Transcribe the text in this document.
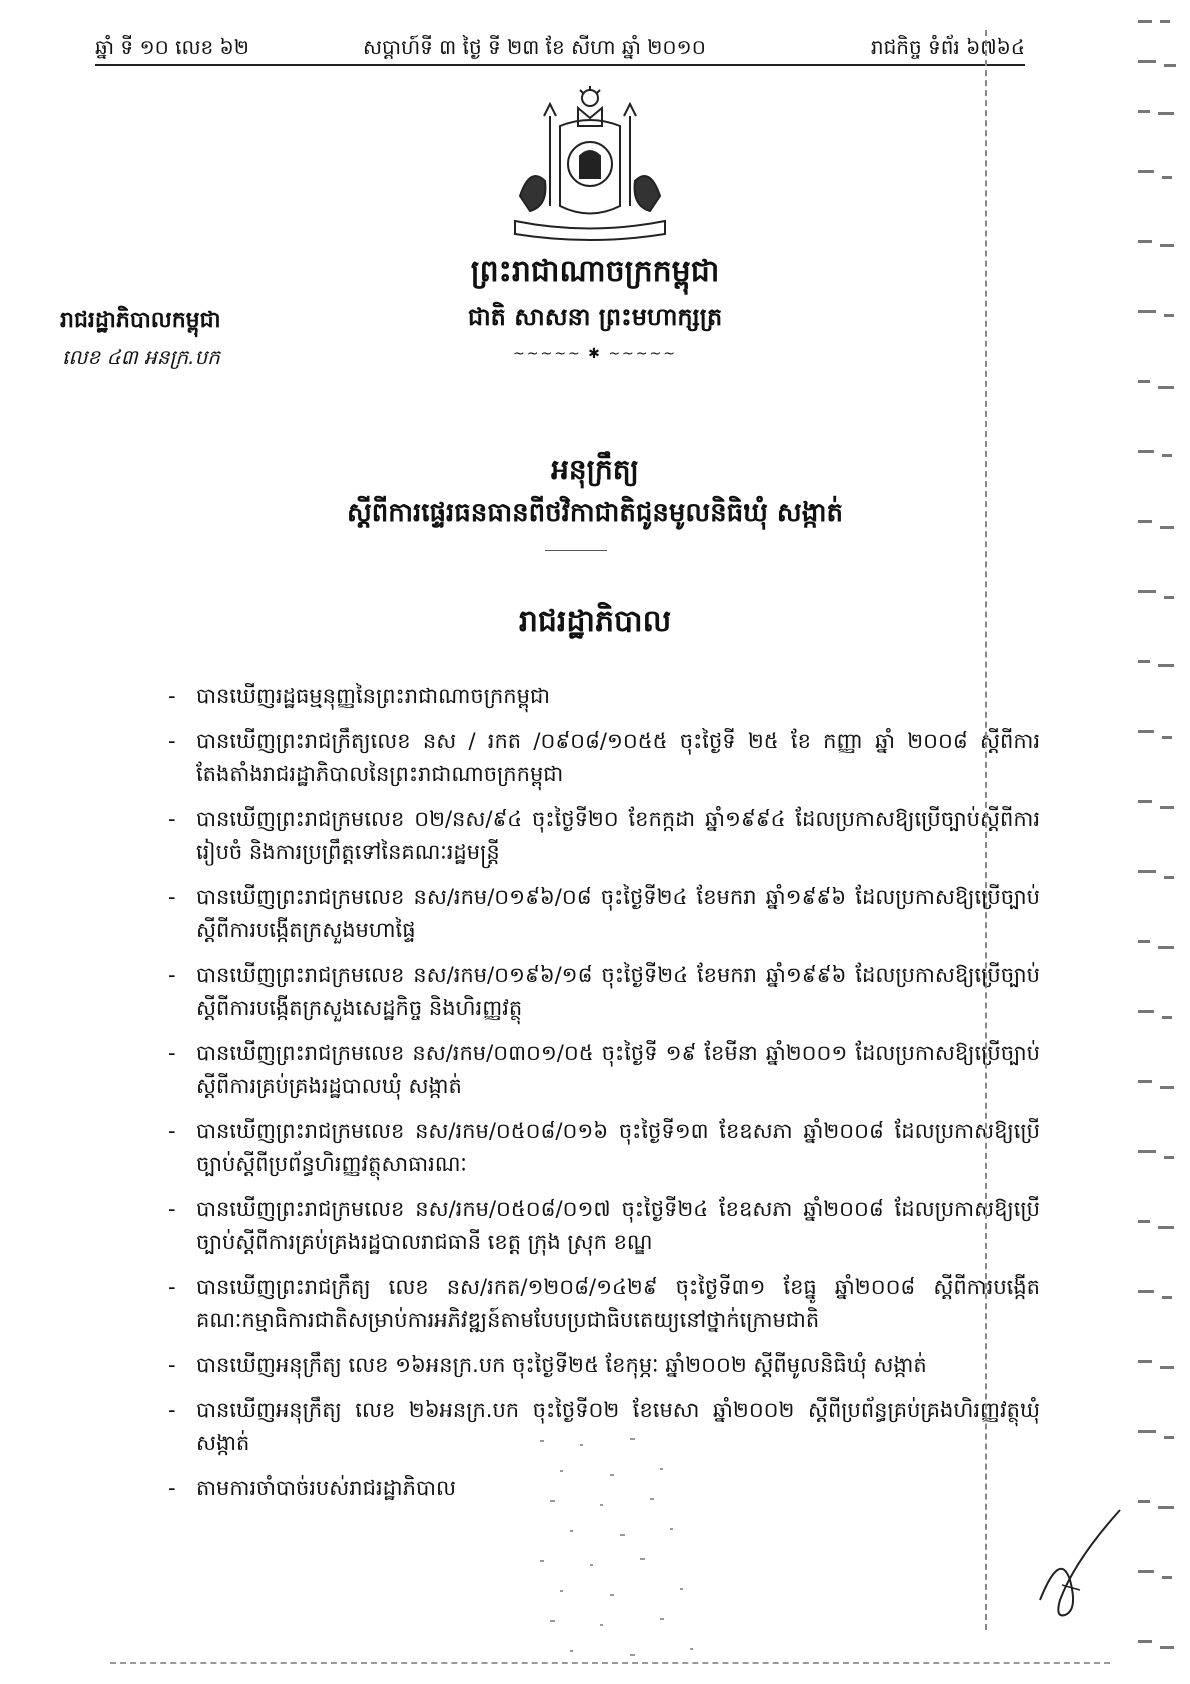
ឆ្នាំ ទី ១០ លេខ ៦២	សប្តាហ៍ទី ៣ ថ្ងៃ ទី ២៣ ខែ សីហា ឆ្នាំ ២០១០	រាជកិច្ច ទំព័រ ៦៧៦៤
ព្រះរាជាណាចក្រកម្ពុជា
ជាតិ សាសនា ព្រះមហាក្សត្រ
~~~~~ ✱ ~~~~~
រាជរដ្ឋាភិបាលកម្ពុជា
លេខ ៤៣ អនក្រ.បក
អនុក្រឹត្យ
ស្តីពីការផ្ទេរធនធានពីថវិកាជាតិជូនមូលនិធិឃុំ សង្កាត់
រាជរដ្ឋាភិបាល
- បានឃើញរដ្ឋធម្មនុញ្ញនៃព្រះរាជាណាចក្រកម្ពុជា
- បានឃើញព្រះរាជក្រឹត្យលេខ នស / រកត /០៩០៨/១០៥៥ ចុះថ្ងៃទី ២៥ ខែ កញ្ញា ឆ្នាំ ២០០៨ ស្តីពីការតែងតាំងរាជរដ្ឋាភិបាលនៃព្រះរាជាណាចក្រកម្ពុជា
- បានឃើញព្រះរាជក្រមលេខ ០២/នស/៩៤ ចុះថ្ងៃទី២០ ខែកក្កដា ឆ្នាំ១៩៩៤ ដែលប្រកាសឱ្យប្រើច្បាប់ស្តីពីការរៀបចំ និងការប្រព្រឹត្តទៅនៃគណៈរដ្ឋមន្ត្រី
- បានឃើញព្រះរាជក្រមលេខ នស/រកម/០១៩៦/០៨ ចុះថ្ងៃទី២៤ ខែមករា ឆ្នាំ១៩៩៦ ដែលប្រកាសឱ្យប្រើច្បាប់ស្តីពីការបង្កើតក្រសួងមហាផ្ទៃ
- បានឃើញព្រះរាជក្រមលេខ នស/រកម/០១៩៦/១៨ ចុះថ្ងៃទី២៤ ខែមករា ឆ្នាំ១៩៩៦ ដែលប្រកាសឱ្យប្រើច្បាប់ស្តីពីការបង្កើតក្រសួងសេដ្ឋកិច្ច និងហិរញ្ញវត្ថុ
- បានឃើញព្រះរាជក្រមលេខ នស/រកម/០៣០១/០៥ ចុះថ្ងៃទី ១៩ ខែមីនា ឆ្នាំ២០០១ ដែលប្រកាសឱ្យប្រើច្បាប់ស្តីពីការគ្រប់គ្រងរដ្ឋបាលឃុំ សង្កាត់
- បានឃើញព្រះរាជក្រមលេខ នស/រកម/០៥០៨/០១៦ ចុះថ្ងៃទី១៣ ខែឧសភា ឆ្នាំ២០០៨ ដែលប្រកាសឱ្យប្រើច្បាប់ស្តីពីប្រព័ន្ធហិរញ្ញវត្ថុសាធារណៈ
- បានឃើញព្រះរាជក្រមលេខ នស/រកម/០៥០៨/០១៧ ចុះថ្ងៃទី២៤ ខែឧសភា ឆ្នាំ២០០៨ ដែលប្រកាសឱ្យប្រើច្បាប់ស្តីពីការគ្រប់គ្រងរដ្ឋបាលរាជធានី ខេត្ត ក្រុង ស្រុក ខណ្ឌ
- បានឃើញព្រះរាជក្រឹត្យ លេខ នស/រកត/១២០៨/១៤២៩ ចុះថ្ងៃទី៣១ ខែធ្នូ ឆ្នាំ២០០៨ ស្តីពីការបង្កើតគណៈកម្មាធិការជាតិសម្រាប់ការអភិវឌ្ឍន៍តាមបែបប្រជាធិបតេយ្យនៅថ្នាក់ក្រោមជាតិ
- បានឃើញអនុក្រឹត្យ លេខ ១៦អនក្រ.បក ចុះថ្ងៃទី២៥ ខែកុម្ភៈ ឆ្នាំ២០០២ ស្តីពីមូលនិធិឃុំ សង្កាត់
- បានឃើញអនុក្រឹត្យ លេខ ២៦អនក្រ.បក ចុះថ្ងៃទី០២ ខែមេសា ឆ្នាំ២០០២ ស្តីពីប្រព័ន្ធគ្រប់គ្រងហិរញ្ញវត្ថុឃុំ សង្កាត់
- តាមការចាំបាច់របស់រាជរដ្ឋាភិបាល
